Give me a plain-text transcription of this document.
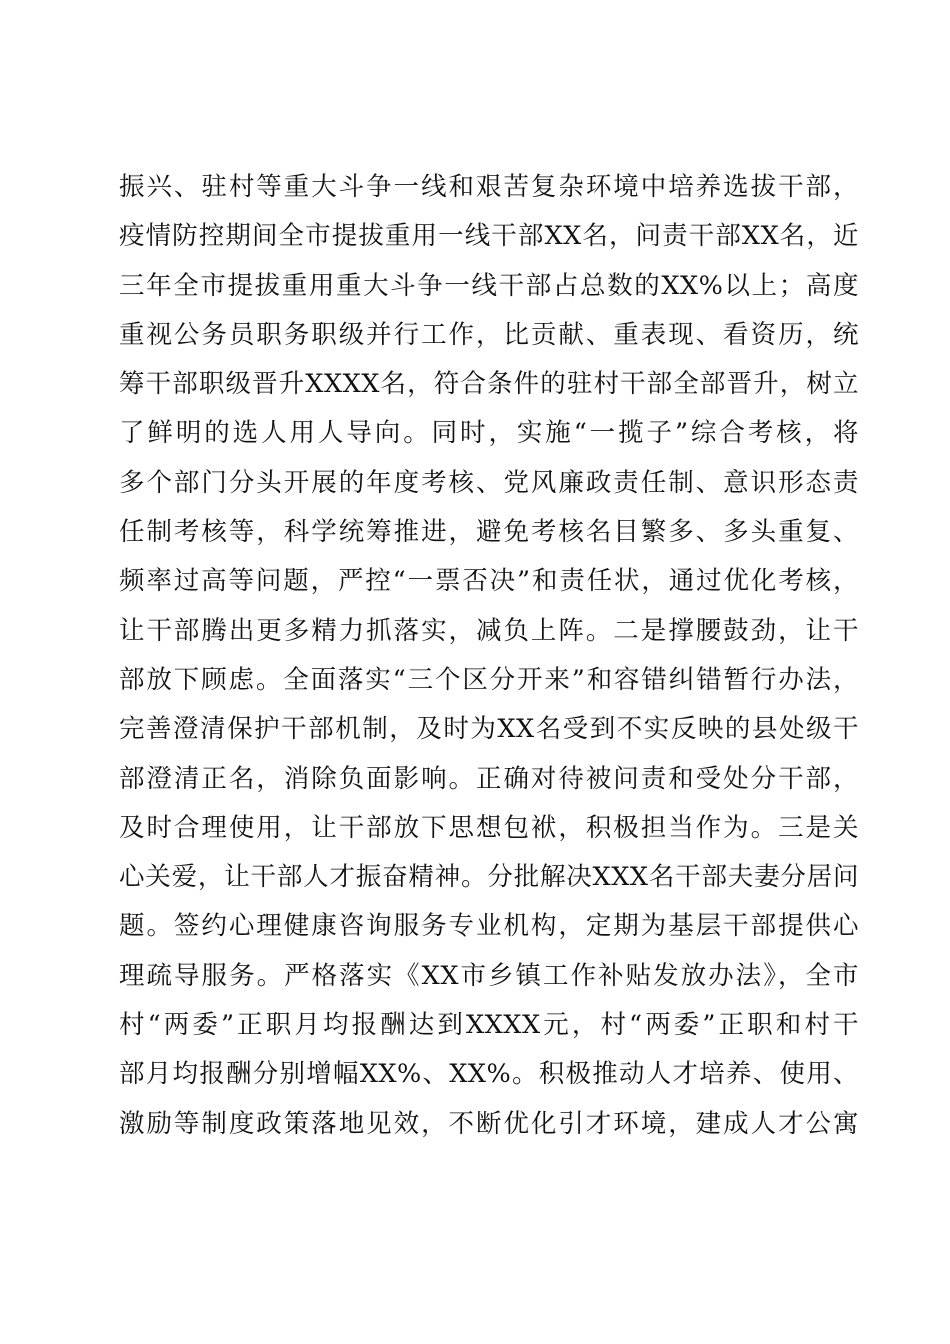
振兴、驻村等重大斗争一线和艰苦复杂环境中培养选拔干部，
疫情防控期间全市提拔重用一线干部XX名，问责干部XX名，近
三年全市提拔重用重大斗争一线干部占总数的XX%以上；高度
重视公务员职务职级并行工作，比贡献、重表现、看资历，统
筹干部职级晋升XXXX名，符合条件的驻村干部全部晋升，树立
了鲜明的选人用人导向。同时，实施“一揽子”综合考核，将
多个部门分头开展的年度考核、党风廉政责任制、意识形态责
任制考核等，科学统筹推进，避免考核名目繁多、多头重复、
频率过高等问题，严控“一票否决”和责任状，通过优化考核，
让干部腾出更多精力抓落实，减负上阵。二是撑腰鼓劲，让干
部放下顾虑。全面落实“三个区分开来”和容错纠错暂行办法，
完善澄清保护干部机制，及时为XX名受到不实反映的县处级干
部澄清正名，消除负面影响。正确对待被问责和受处分干部，
及时合理使用，让干部放下思想包袱，积极担当作为。三是关
心关爱，让干部人才振奋精神。分批解决XXX名干部夫妻分居问
题。签约心理健康咨询服务专业机构，定期为基层干部提供心
理疏导服务。严格落实《XX市乡镇工作补贴发放办法》，全市
村“两委”正职月均报酬达到XXXX元，村“两委”正职和村干
部月均报酬分别增幅XX%、XX%。积极推动人才培养、使用、
激励等制度政策落地见效，不断优化引才环境，建成人才公寓
